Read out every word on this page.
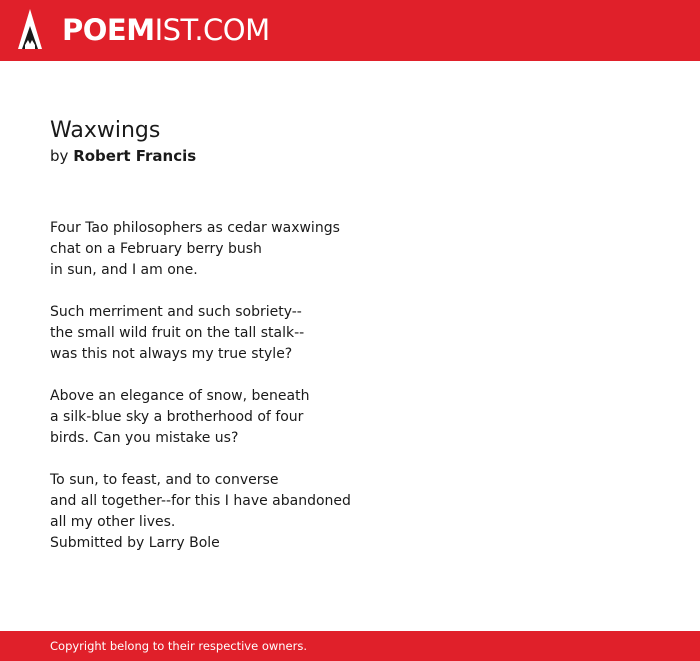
POEMIST.COM
Waxwings
by Robert Francis
Four Tao philosophers as cedar waxwings
chat on a February berry bush
in sun, and I am one.
Such merriment and such sobriety--
the small wild fruit on the tall stalk--
was this not always my true style?
Above an elegance of snow, beneath
a silk-blue sky a brotherhood of four
birds. Can you mistake us?
To sun, to feast, and to converse
and all together--for this I have abandoned
all my other lives.
Submitted by Larry Bole
Copyright belong to their respective owners.
